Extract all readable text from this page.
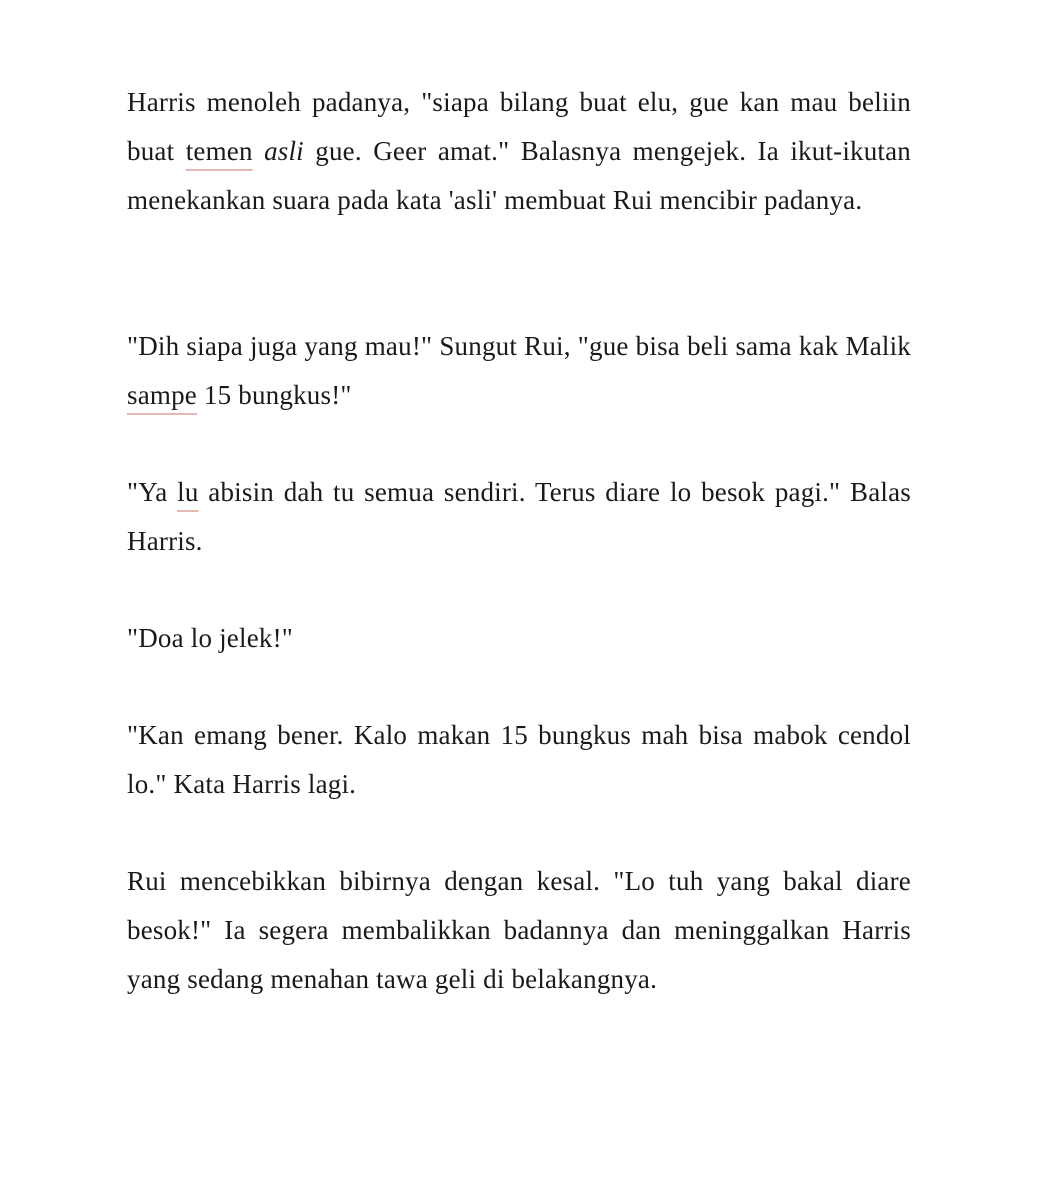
Harris menoleh padanya, "siapa bilang buat elu, gue kan mau beliin buat temen asli gue. Geer amat." Balasnya mengejek. Ia ikut-ikutan menekankan suara pada kata 'asli' membuat Rui mencibir padanya.

"Dih siapa juga yang mau!" Sungut Rui, "gue bisa beli sama kak Malik sampe 15 bungkus!"

"Ya lu abisin dah tu semua sendiri. Terus diare lo besok pagi." Balas Harris.

"Doa lo jelek!"

"Kan emang bener. Kalo makan 15 bungkus mah bisa mabok cendol lo." Kata Harris lagi.

Rui mencebikkan bibirnya dengan kesal. "Lo tuh yang bakal diare besok!" Ia segera membalikkan badannya dan meninggalkan Harris yang sedang menahan tawa geli di belakangnya.
